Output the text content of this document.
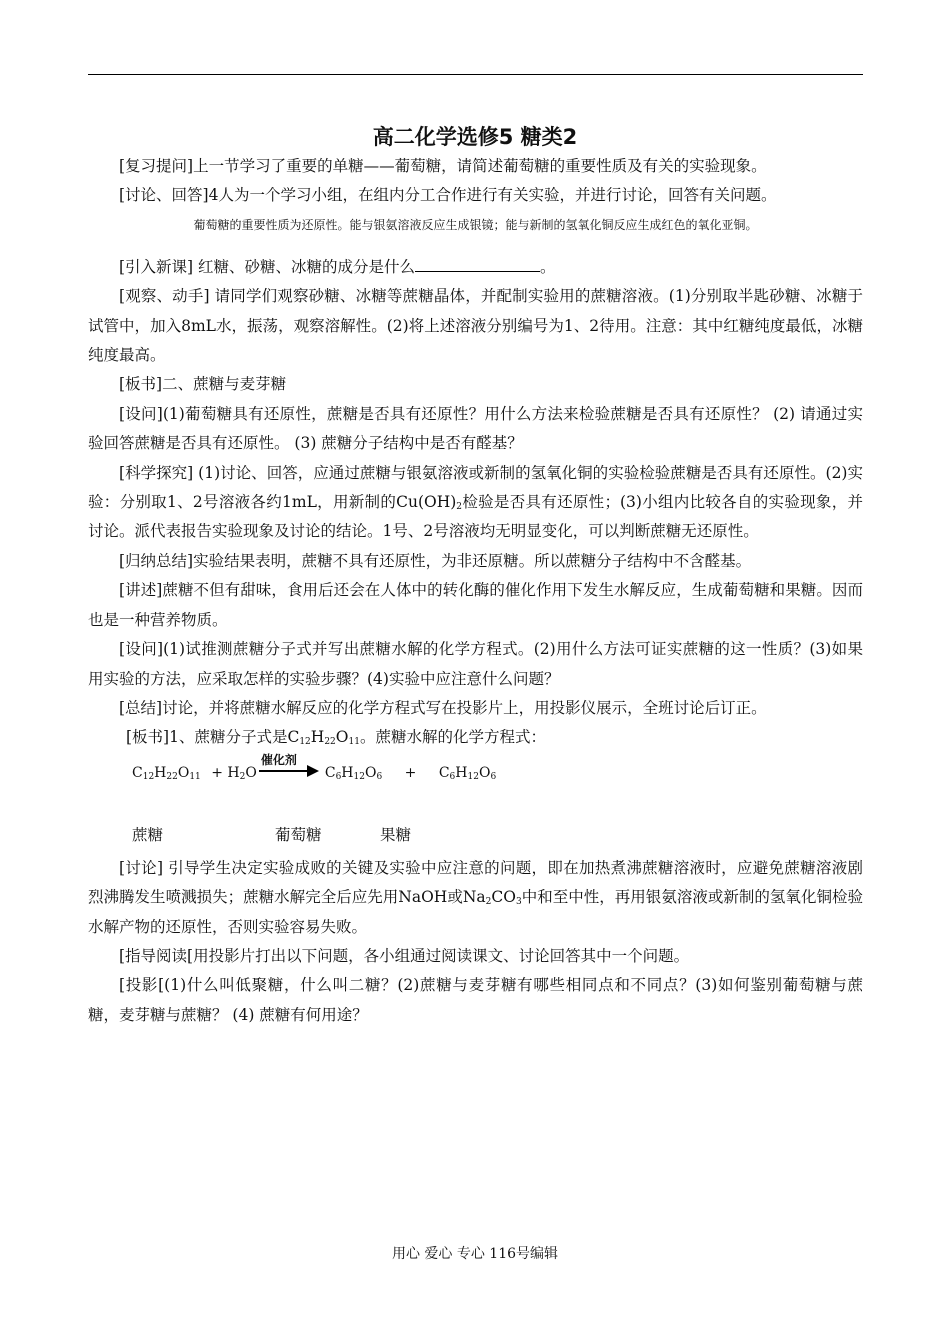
高二化学选修5 糖类2

[复习提问]上一节学习了重要的单糖——葡萄糖，请简述葡萄糖的重要性质及有关的实验现象。

[讨论、回答]4人为一个学习小组，在组内分工合作进行有关实验，并进行讨论，回答有关问题。

葡萄糖的重要性质为还原性。能与银氨溶液反应生成银镜；能与新制的氢氧化铜反应生成红色的氧化亚铜。

[引入新课] 红糖、砂糖、冰糖的成分是什么	。

[观察、动手] 请同学们观察砂糖、冰糖等蔗糖晶体，并配制实验用的蔗糖溶液。(1)分别取半匙砂糖、冰糖于试管中，加入8mL水，振荡，观察溶解性。(2)将上述溶液分别编号为1、2待用。注意：其中红糖纯度最低，冰糖纯度最高。

[板书]二、蔗糖与麦芽糖

[设问](1)葡萄糖具有还原性，蔗糖是否具有还原性？用什么方法来检验蔗糖是否具有还原性？ (2) 请通过实验回答蔗糖是否具有还原性。 (3) 蔗糖分子结构中是否有醛基？

[科学探究] (1)讨论、回答，应通过蔗糖与银氨溶液或新制的氢氧化铜的实验检验蔗糖是否具有还原性。(2)实验：分别取1、2号溶液各约1mL，用新制的$Cu(OH)_2$检验是否具有还原性；(3)小组内比较各自的实验现象，并讨论。派代表报告实验现象及讨论的结论。1号、2号溶液均无明显变化，可以判断蔗糖无还原性。

[归纳总结]实验结果表明，蔗糖不具有还原性，为非还原糖。所以蔗糖分子结构中不含醛基。

[讲述]蔗糖不但有甜味，食用后还会在人体中的转化酶的催化作用下发生水解反应，生成葡萄糖和果糖。因而也是一种营养物质。

[设问](1)试推测蔗糖分子式并写出蔗糖水解的化学方程式。(2)用什么方法可证实蔗糖的这一性质？(3)如果用实验的方法，应采取怎样的实验步骤？(4)实验中应注意什么问题？

[总结]讨论，并将蔗糖水解反应的化学方程式写在投影片上，用投影仪展示，全班讨论后订正。

[板书]1、蔗糖分子式是$C_{12}H_{22}O_{11}$。蔗糖水解的化学方程式：

$C_{12}H_{22}O_{11} + H_2O$
催化剂
$C_6H_{12}O_6 + C_6H_{12}O_6$

蔗糖	葡萄糖	果糖

[讨论] 引导学生决定实验成败的关键及实验中应注意的问题，即在加热煮沸蔗糖溶液时，应避免蔗糖溶液剧烈沸腾发生喷溅损失；蔗糖水解完全后应先用NaOH或$Na_2CO_3$中和至中性，再用银氨溶液或新制的氢氧化铜检验水解产物的还原性，否则实验容易失败。

[指导阅读[用投影片打出以下问题，各小组通过阅读课文、讨论回答其中一个问题。

[投影[(1)什么叫低聚糖，什么叫二糖？(2)蔗糖与麦芽糖有哪些相同点和不同点？(3)如何鉴别葡萄糖与蔗糖，麦芽糖与蔗糖？ (4) 蔗糖有何用途？

用心 爱心 专心 116号编辑
